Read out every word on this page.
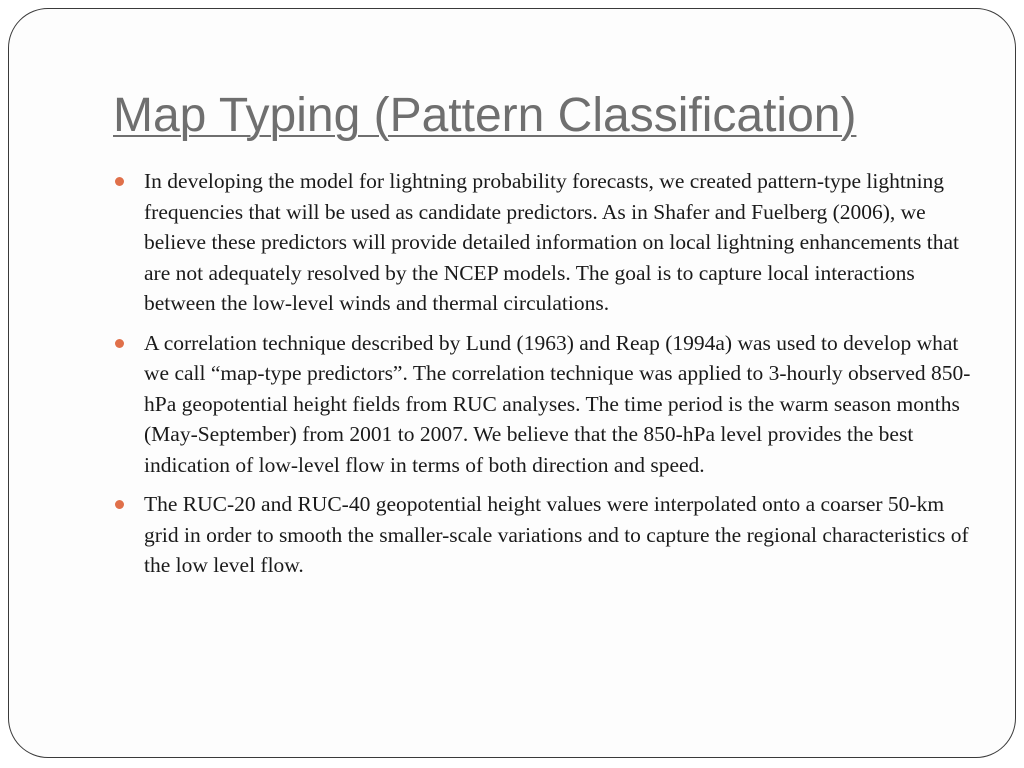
Map Typing (Pattern Classification)
In developing the model for lightning probability forecasts, we created pattern-type lightning frequencies that will be used as candidate predictors. As in Shafer and Fuelberg (2006), we believe these predictors will provide detailed information on local lightning enhancements that are not adequately resolved by the NCEP models. The goal is to capture local interactions between the low-level winds and thermal circulations.
A correlation technique described by Lund (1963) and Reap (1994a) was used to develop what we call “map-type predictors”. The correlation technique was applied to 3-hourly observed 850-hPa geopotential height fields from RUC analyses. The time period is the warm season months (May-September) from 2001 to 2007. We believe that the 850-hPa level provides the best indication of low-level flow in terms of both direction and speed.
The RUC-20 and RUC-40 geopotential height values were interpolated onto a coarser 50-km grid in order to smooth the smaller-scale variations and to capture the regional characteristics of the low level flow.
